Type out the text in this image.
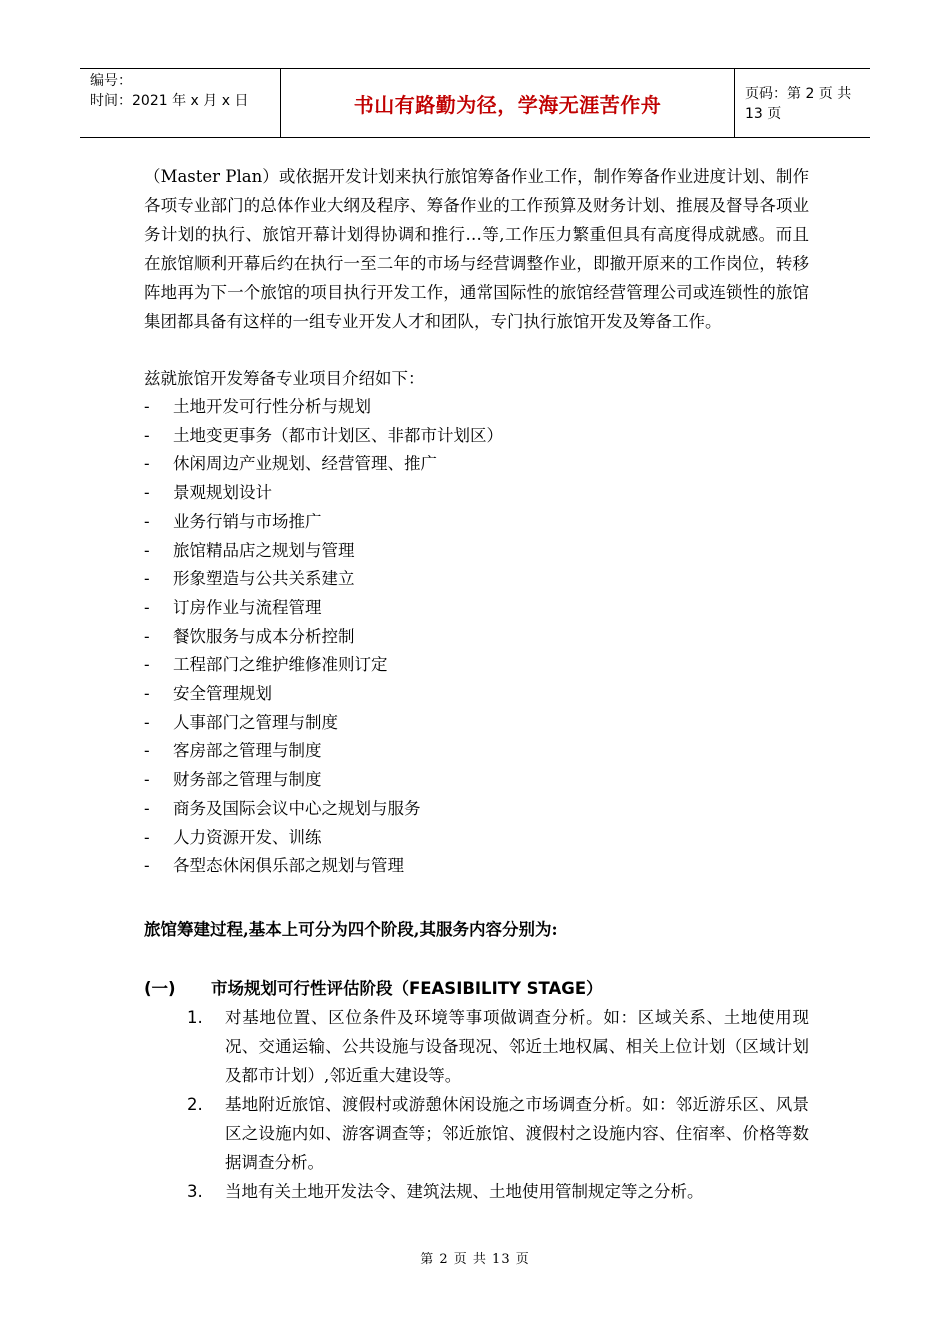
编号：
时间：2021 年 x 月 x 日	书山有路勤为径，学海无涯苦作舟	页码：第 2 页 共 13 页

（Master Plan）或依据开发计划来执行旅馆筹备作业工作，制作筹备作业进度计划、制作各项专业部门的总体作业大纲及程序、筹备作业的工作预算及财务计划、推展及督导各项业务计划的执行、旅馆开幕计划得协调和推行…等,工作压力繁重但具有高度得成就感。而且在旅馆顺利开幕后约在执行一至二年的市场与经营调整作业，即撤开原来的工作岗位，转移阵地再为下一个旅馆的项目执行开发工作，通常国际性的旅馆经营管理公司或连锁性的旅馆集团都具备有这样的一组专业开发人才和团队，专门执行旅馆开发及筹备工作。

兹就旅馆开发筹备专业项目介绍如下：
- 土地开发可行性分析与规划
- 土地变更事务（都市计划区、非都市计划区）
- 休闲周边产业规划、经营管理、推广
- 景观规划设计
- 业务行销与市场推广
- 旅馆精品店之规划与管理
- 形象塑造与公共关系建立
- 订房作业与流程管理
- 餐饮服务与成本分析控制
- 工程部门之维护维修准则订定
- 安全管理规划
- 人事部门之管理与制度
- 客房部之管理与制度
- 财务部之管理与制度
- 商务及国际会议中心之规划与服务
- 人力资源开发、训练
- 各型态休闲俱乐部之规划与管理
旅馆筹建过程,基本上可分为四个阶段,其服务内容分别为:
(一) 市场规划可行性评估阶段（FEASIBILITY STAGE）
1. 对基地位置、区位条件及环境等事项做调查分析。如：区域关系、土地使用现况、交通运输、公共设施与设备现况、邻近土地权属、相关上位计划（区域计划及都市计划）,邻近重大建设等。
2. 基地附近旅馆、渡假村或游憩休闲设施之市场调查分析。如：邻近游乐区、风景区之设施内如、游客调查等；邻近旅馆、渡假村之设施内容、住宿率、价格等数据调查分析。
3. 当地有关土地开发法令、建筑法规、土地使用管制规定等之分析。
第 2 页 共 13 页
